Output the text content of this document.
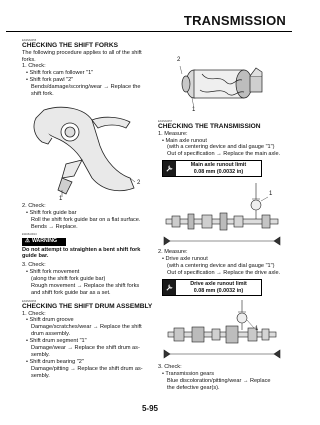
TRANSMISSION
EAS5A0055
CHECKING THE SHIFT FORKS
The following procedure applies to all of the shift forks.
1. Check:
• Shift fork cam follower "1"
• Shift fork pawl "2"
Bends/damage/scoring/wear → Replace the
shift fork.
1
2
2. Check:
• Shift fork guide bar
Roll the shift fork guide bar on a flat surface.
Bends → Replace.
EWA5A0013
⚠ WARNING
Do not attempt to straighten a bent shift fork
guide bar.
3. Check:
• Shift fork movement
(along the shift fork guide bar)
Rough movement → Replace the shift forks
and shift fork guide bar as a set.
EAS5A0056
CHECKING THE SHIFT DRUM ASSEMBLY
1. Check:
• Shift drum groove
Damage/scratches/wear → Replace the shift
drum assembly.
• Shift drum segment "1"
Damage/wear → Replace the shift drum as-
sembly.
• Shift drum bearing "2"
Damage/pitting → Replace the shift drum as-
sembly.
2
1
EAS5A0057
CHECKING THE TRANSMISSION
1. Measure:
• Main axle runout
(with a centering device and dial gauge "1")
Out of specification → Replace the main axle.
Main axle runout limit
0.08 mm (0.0032 in)
1
2. Measure:
• Drive axle runout
(with a centering device and dial gauge "1")
Out of specification → Replace the drive axle.
Drive axle runout limit
0.08 mm (0.0032 in)
1
3. Check:
• Transmission gears
Blue discoloration/pitting/wear → Replace
the defective gear(s).
5-95
